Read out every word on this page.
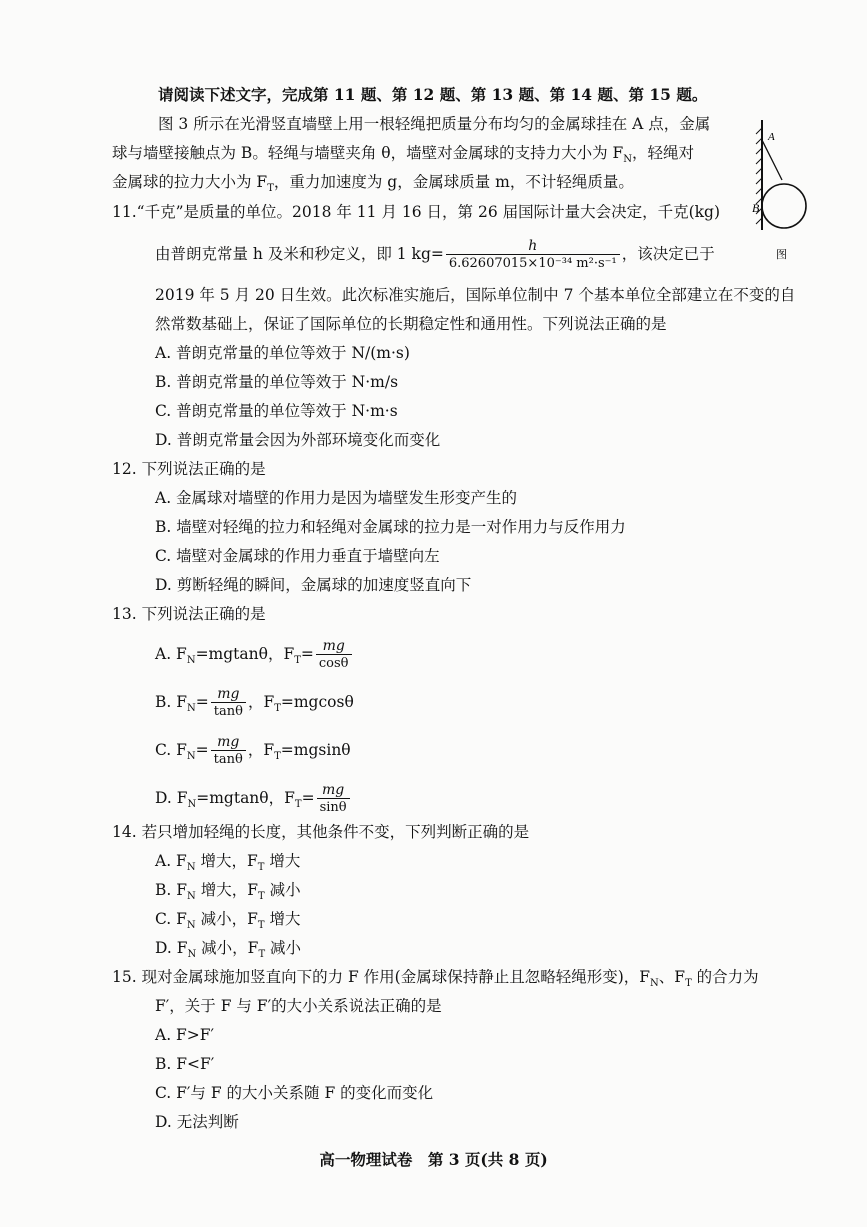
请阅读下述文字，完成第 11 题、第 12 题、第 13 题、第 14 题、第 15 题。
图 3 所示在光滑竖直墙壁上用一根轻绳把质量分布均匀的金属球挂在 A 点，金属
球与墙壁接触点为 B。轻绳与墙壁夹角 θ，墙壁对金属球的支持力大小为 $F_N$，轻绳对
金属球的拉力大小为 $F_T$，重力加速度为 g，金属球质量 m，不计轻绳质量。
A
B
图
11.“千克”是质量的单位。2018 年 11 月 16 日，第 26 届国际计量大会决定，千克(kg)
由普朗克常量 h 及米和秒定义，即 1 $kg= \frac{h}{\text{6.62607015×10⁻³⁴ m²·s⁻¹}}$ ，该决定已于
2019 年 5 月 20 日生效。此次标准实施后，国际单位制中 7 个基本单位全部建立在不变的自
然常数基础上，保证了国际单位的长期稳定性和通用性。下列说法正确的是
A. 普朗克常量的单位等效于 N/(m·s)
B. 普朗克常量的单位等效于 N·m/s
C. 普朗克常量的单位等效于 N·m·s
D. 普朗克常量会因为外部环境变化而变化
12. 下列说法正确的是
A. 金属球对墙壁的作用力是因为墙壁发生形变产生的
B. 墙壁对轻绳的拉力和轻绳对金属球的拉力是一对作用力与反作用力
C. 墙壁对金属球的作用力垂直于墙壁向左
D. 剪断轻绳的瞬间，金属球的加速度竖直向下
13. 下列说法正确的是
A. $F_N=mgtan\theta$，$F_T= \frac{mg}{\cos\theta}$
B. $F_N= \frac{mg}{\tan\theta}$ ，$F_T=mgcos\theta$
C. $F_N= \frac{mg}{\tan\theta}$ ，$F_T=mgsin\theta$
D. $F_N=mgtan\theta$，$F_T= \frac{mg}{\sin\theta}$
14. 若只增加轻绳的长度，其他条件不变，下列判断正确的是
A. $F_N$ 增大，$F_T$ 增大
B. $F_N$ 增大，$F_T$ 减小
C. $F_N$ 减小，$F_T$ 增大
D. $F_N$ 减小，$F_T$ 减小
15. 现对金属球施加竖直向下的力 F 作用(金属球保持静止且忽略轻绳形变)，$F_N$、$F_T$ 的合力为
F′，关于 F 与 F′的大小关系说法正确的是
A. F>F′
B. F<F′
C. F′与 F 的大小关系随 F 的变化而变化
D. 无法判断
高一物理试卷　第 3 页(共 8 页)
